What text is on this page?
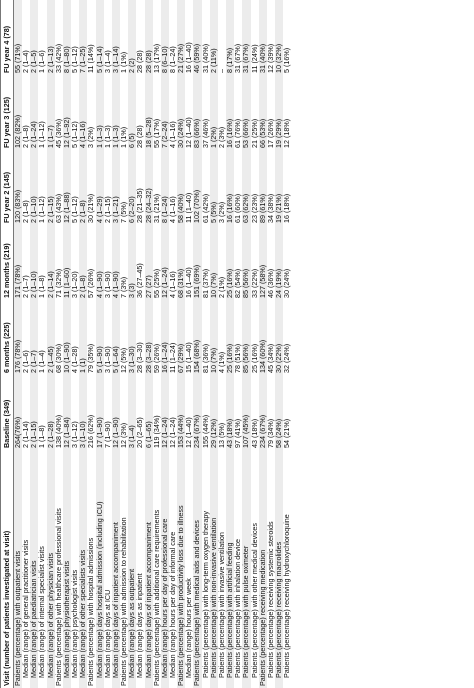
Visit (number of patients investigated at visit)	Baseline (349)	6 months (225)	12 months (219)	FU year 2 (145)	FU year 3 (125)	FU year 4 (78)	
Patients (percentage) with outpatient visits	264(76%)	176 (78%)	171 (78%)	120 (83%)	102 (82%)	55 (71%)	
Median (range) of general practitioner visits	2 (1–14)	2 (1–6)	2 (1–7)	2 (1–8)	2 (1–8)	2 (1–4)	
Median (range) of paediatrician visits	2 (1–15)	2 (1–7)	2 (1–10)	2 (1–10)	2 (1–24)	2 (1–5)	
Median (range) of internal specialist visits	1 (1–8)	1 (1–4)	1 (1–8)	1 (1–12)	1 (1–12)	1 (1–6)	
Median (range) of other physician visits	2 (1–28)	2 (1–45)	2 (1–14)	2 (1–15)	1 (1–7)	2 (1–13)	
Patients (percentage) with healthcare professional visits	138 (40%)	68 (30%)	71 (32%)	63 (43%)	45 (36%)	33 (42%)	
Median (range) physiotherapist visits	12 (1–84)	10 (1–90)	11 (1–60)	12 (1–88)	12 (1–92)	8 (1–80)	
Median (range) psychologist visits	3 (1–12)	4 (1–28)	3 (1–20)	5 (1–12)	5 (1–12)	5 (1–12)	
Median (range) of other specialists visits	3 (1–10)	1 (1)	2 (1–8)	2 (1–8)	4 (1–16)	7 (1–25)	
Patients (percentage) with hospital admissions	216 (62%)	79 (35%)	57 (26%)	30 (21%)	3 (2%)	11 (14%)	
Median (range) days hospital admission (including ICU)	17 (1–90)	5 (1–90)	4 (1–90)	4 (1–29)	1 (1–3)	5 (1–14)	
Median (range) days at ICU	7 (1–90)	3 (1–90)	3 (1–90)	2 (1–15)	1 (1–3)	3 (1–4)	
Median (range) days of inpatient accompaniment	12 (1–90)	5 (1–64)	4 (1–90)	3 (1–21)	1 (1–3)	3 (1–14)	
Patients (percentage) with admission to rehabilitation	12 (3%)	12 (5%)	7 (3%)	7 (5%)	1 (1%)	1 (1%)	
Median (range) days as outpatient	3 (1–4)	3 (1–30)	3 (3)	6 (2–20)	6 (5)	2 (2)	
Median (range) days as inpatient	20 (2–65)	28 (3–30)	36 (27–45)	28 (21–35)	28 (28)	28 (28)	
Median (range) days of inpatient accompaniment	6 (1–65)	28 (3–28)	27 (27)	28 (24–32)	18 (5–28)	28 (28)	
Patients (percentage) with additional care requirements	119 (34%)	59 (26%)	55 (25%)	31 (21%)	55 (17%)	13 (17%)	
Median (range) hours per day of professional care	12 (1–24)	16 (1–24)	12 (1–24)	8 (1–24)	7 (2–24)	8 (6–10)	
Median (range) hours per day of informal care	12 (1–24)	11 (1–24)	4 (1–16)	4 (1–16)	4 (1–16)	8 (1–24)	
Patients (percentage) with productivity loss due to illness	153 (44%)	67 (29%)	68 (31%)	58 (40%)	30 (24%)	21 (27%)	
Median (range) hours per week	12 (1–40)	15 (1–40)	16 (1–40)	11 (1–40)	12 (1–40)	16 (1–40)	
Patients (percentage) with medical aids and devices	234 (67%)	154 (68%)	151 (69%)	102 (70%)	83 (66%)	46 (59%)	
Patients (percentage) with long-term oxygen therapy	155 (44%)	81 (36%)	81 (37%)	61 (42%)	37 (46%)	31 (40%)	
Patients (percentage) with non-invasive ventilation	29 (12%)	10 (7%)	10 (7%)	5 (5%)	1 (2%)	2 (11%)	
Patients (percentage) with invasive ventilation	13 (5%)	4 (1%)	2 (1%)	3 (2%)	2 (3%)	–	
Patients (percentage) with artificial feeding	43 (18%)	25 (16%)	25 (16%)	16 (16%)	16 (16%)	8 (17%)	
Patients (percentage) with inhalation device	97 (41%)	78 (51%)	82 (54%)	61 (60%)	61 (76%)	31 (67%)	
Patients (percentage) with pulse oximeter	107 (45%)	85 (56%)	85 (56%)	63 (62%)	53 (66%)	31 (67%)	
Patients (percentage) with other medical devices	43 (18%)	25 (16%)	33 (22%)	23 (23%)	21 (25%)	11 (24%)	
Patients (percentage) receiving medication	234 (67%)	134 (60%)	127 (58%)	89 (61%)	66 (53%)	31 (40%)	
Patients (percentage) receiving systemic steroids	79 (34%)	45 (34%)	46 (36%)	34 (38%)	17 (26%)	12 (39%)	
Patients (percentage) receiving macrolides	58 (24%)	30 (22%)	24 (19%)	19 (21%)	19 (29%)	10 (32%)	
Patients (percentage) receiving hydroxychloroquine	54 (21%)	32 (24%)	30 (24%)	16 (18%)	12 (18%)	5 (16%)	
